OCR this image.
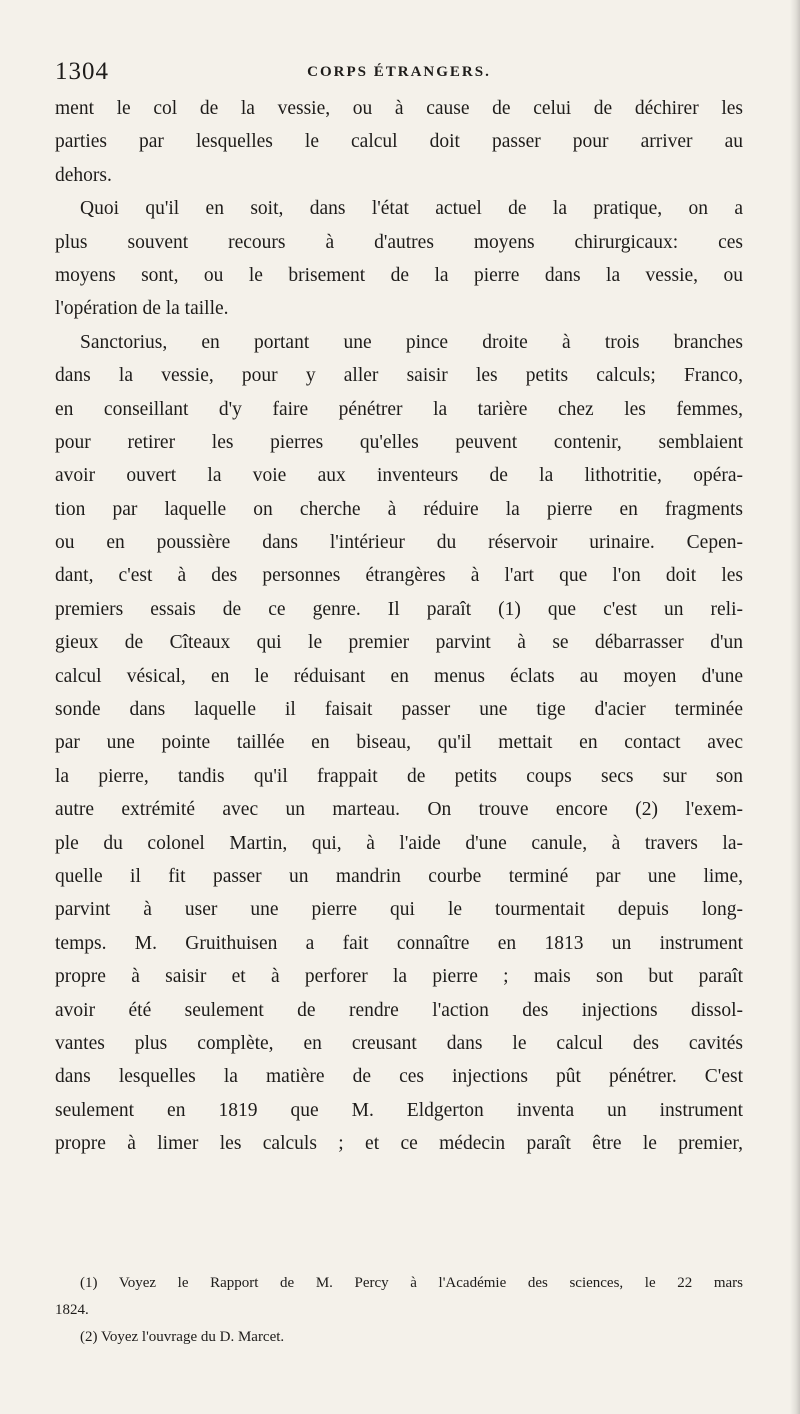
1304	CORPS ÉTRANGERS.
ment le col de la vessie, ou à cause de celui de déchirer les
parties par lesquelles le calcul doit passer pour arriver au
dehors.
Quoi qu'il en soit, dans l'état actuel de la pratique, on a
plus souvent recours à d'autres moyens chirurgicaux: ces
moyens sont, ou le brisement de la pierre dans la vessie, ou
l'opération de la taille.
Sanctorius, en portant une pince droite à trois branches
dans la vessie, pour y aller saisir les petits calculs; Franco,
en conseillant d'y faire pénétrer la tarière chez les femmes,
pour retirer les pierres qu'elles peuvent contenir, semblaient
avoir ouvert la voie aux inventeurs de la lithotritie, opéra-
tion par laquelle on cherche à réduire la pierre en fragments
ou en poussière dans l'intérieur du réservoir urinaire. Cepen-
dant, c'est à des personnes étrangères à l'art que l'on doit les
premiers essais de ce genre. Il paraît (1) que c'est un reli-
gieux de Cîteaux qui le premier parvint à se débarrasser d'un
calcul vésical, en le réduisant en menus éclats au moyen d'une
sonde dans laquelle il faisait passer une tige d'acier terminée
par une pointe taillée en biseau, qu'il mettait en contact avec
la pierre, tandis qu'il frappait de petits coups secs sur son
autre extrémité avec un marteau. On trouve encore (2) l'exem-
ple du colonel Martin, qui, à l'aide d'une canule, à travers la-
quelle il fit passer un mandrin courbe terminé par une lime,
parvint à user une pierre qui le tourmentait depuis long-
temps. M. Gruithuisen a fait connaître en 1813 un instrument
propre à saisir et à perforer la pierre ; mais son but paraît
avoir été seulement de rendre l'action des injections dissol-
vantes plus complète, en creusant dans le calcul des cavités
dans lesquelles la matière de ces injections pût pénétrer. C'est
seulement en 1819 que M. Eldgerton inventa un instrument
propre à limer les calculs ; et ce médecin paraît être le premier,
(1) Voyez le Rapport de M. Percy à l'Académie des sciences, le 22 mars
1824.
(2) Voyez l'ouvrage du D. Marcet.
